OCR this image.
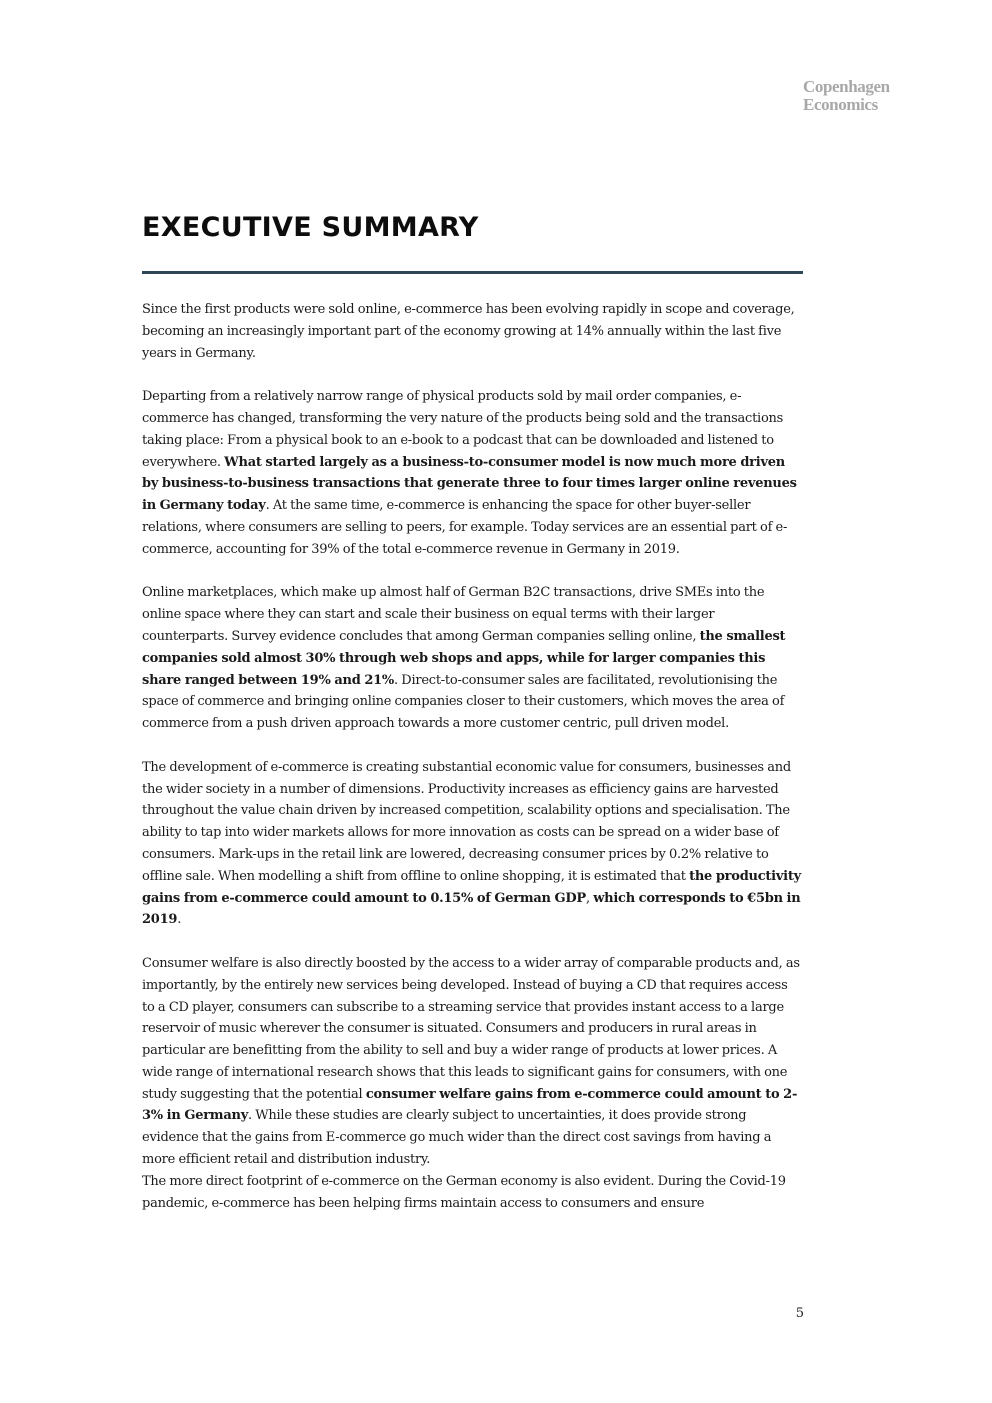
Copenhagen
Economics
EXECUTIVE SUMMARY

Since the first products were sold online, e-commerce has been evolving rapidly in scope and coverage, becoming an increasingly important part of the economy growing at 14% annually within the last five years in Germany.

Departing from a relatively narrow range of physical products sold by mail order companies, e-commerce has changed, transforming the very nature of the products being sold and the transactions taking place: From a physical book to an e-book to a podcast that can be downloaded and listened to everywhere. What started largely as a business-to-consumer model is now much more driven by business-to-business transactions that generate three to four times larger online revenues in Germany today. At the same time, e-commerce is enhancing the space for other buyer-seller relations, where consumers are selling to peers, for example. Today services are an essential part of e-commerce, accounting for 39% of the total e-commerce revenue in Germany in 2019.

Online marketplaces, which make up almost half of German B2C transactions, drive SMEs into the online space where they can start and scale their business on equal terms with their larger counterparts. Survey evidence concludes that among German companies selling online, the smallest companies sold almost 30% through web shops and apps, while for larger companies this share ranged between 19% and 21%. Direct-to-consumer sales are facilitated, revolutionising the space of commerce and bringing online companies closer to their customers, which moves the area of commerce from a push driven approach towards a more customer centric, pull driven model.

The development of e-commerce is creating substantial economic value for consumers, businesses and the wider society in a number of dimensions. Productivity increases as efficiency gains are harvested throughout the value chain driven by increased competition, scalability options and specialisation. The ability to tap into wider markets allows for more innovation as costs can be spread on a wider base of consumers. Mark-ups in the retail link are lowered, decreasing consumer prices by 0.2% relative to offline sale. When modelling a shift from offline to online shopping, it is estimated that the productivity gains from e-commerce could amount to 0.15% of German GDP, which corresponds to €5bn in 2019.

Consumer welfare is also directly boosted by the access to a wider array of comparable products and, as importantly, by the entirely new services being developed. Instead of buying a CD that requires access to a CD player, consumers can subscribe to a streaming service that provides instant access to a large reservoir of music wherever the consumer is situated. Consumers and producers in rural areas in particular are benefitting from the ability to sell and buy a wider range of products at lower prices. A wide range of international research shows that this leads to significant gains for consumers, with one study suggesting that the potential consumer welfare gains from e-commerce could amount to 2-3% in Germany. While these studies are clearly subject to uncertainties, it does provide strong evidence that the gains from E-commerce go much wider than the direct cost savings from having a more efficient retail and distribution industry.

The more direct footprint of e-commerce on the German economy is also evident. During the Covid-19 pandemic, e-commerce has been helping firms maintain access to consumers and ensure

5
